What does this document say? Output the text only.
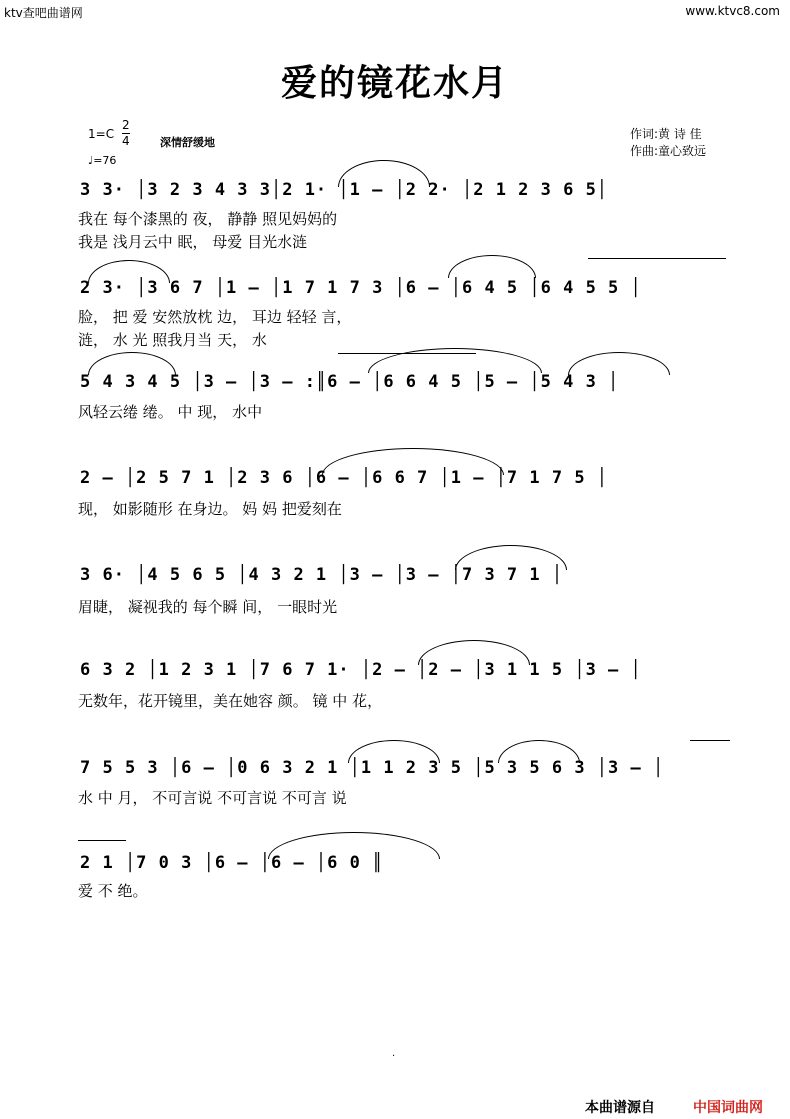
ktv查吧曲谱网	www.ktvc8.com
爱的镜花水月
1=C
2
4	深情舒缓地
♩=76
作词:黄 诗 佳
作曲:童心致远
3 3· │3 2 3 4 3 3│2 1· │1 – │2 2· │2 1 2 3 6 5│
我在 每个漆黑的 夜， 静静 照见妈妈的
我是 浅月云中 眠， 母爱 目光水涟
2 3· │3 6 7 │1 – │1 7 1 7 3 │6 – │6 4 5 │6 4 5 5 │
脸， 把 爱 安然放枕 边， 耳边 轻轻 言，
涟， 水 光 照我月当 天， 水
5 4 3 4 5 │3 – │3 – :║6 – │6 6 4 5 │5 – │5 4 3 │
风轻云绻 绻。 中 现， 水中
2 – │2 5 7 1 │2 3 6 │6 – │6 6 7 │1 – │7 1 7 5 │
现， 如影随形 在身边。 妈 妈 把爱刻在
3 6· │4 5 6 5 │4 3 2 1 │3 – │3 – │7 3 7 1 │
眉睫， 凝视我的 每个瞬 间， 一眼时光
6 3 2 │1 2 3 1 │7 6 7 1· │2 – │2 – │3 1 1 5 │3 – │
无数年，花开镜里，美在她容 颜。 镜 中 花，
7 5 5 3 │6 – │0 6 3 2 1 │1 1 2 3 5 │5 3 5 6 3 │3 – │
水 中 月， 不可言说 不可言说 不可言 说
2 1 │7 0 3 │6 – │6 – │6 0 ║
爱 不 绝。
.
本曲谱源自	中国词曲网
